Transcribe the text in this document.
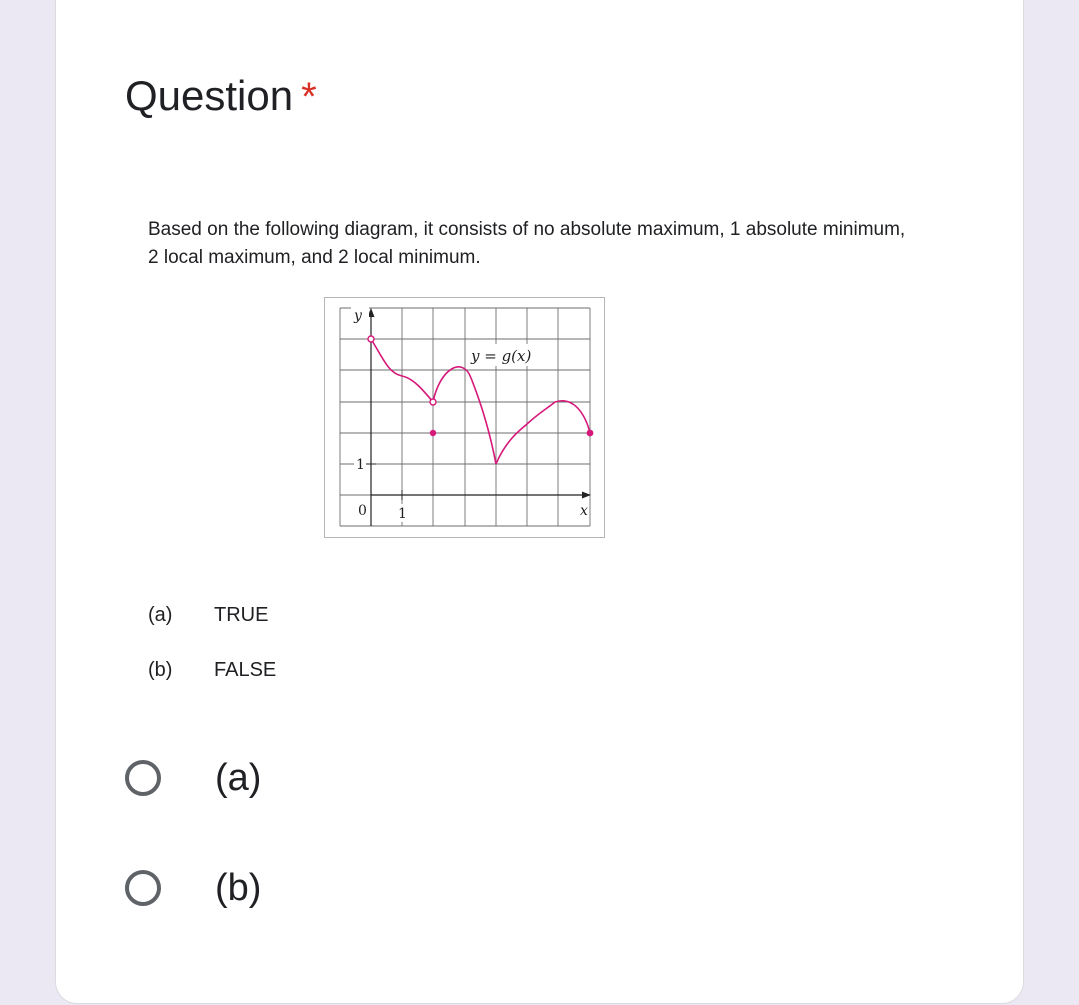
Question *
Based on the following diagram, it consists of no absolute maximum, 1 absolute minimum, 2 local maximum, and 2 local minimum.
y
x
0 1
1
y = g(x)
(a) TRUE
(b) FALSE
(a)
(b)
